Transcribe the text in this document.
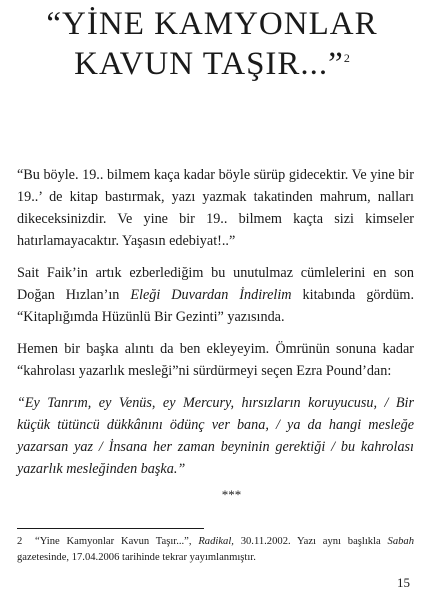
“YİNE KAMYONLAR
KAVUN TAŞIR...”$^2$

“Bu böyle. 19.. bilmem kaça kadar böyle sürüp gidecektir. Ve yine bir 19..’ de kitap bastırmak, yazı yazmak takatinden mahrum, nalları dikeceksinizdir. Ve yine bir 19.. bilmem kaçta sizi kimseler hatırlamayacaktır. Yaşasın edebiyat!..”

Sait Faik’in artık ezberlediğim bu unutulmaz cümlelerini en son Doğan Hızlan’ın Eleği Duvardan İndirelim kitabında gördüm. “Kitaplığımda Hüzünlü Bir Gezinti” yazısında.

Hemen bir başka alıntı da ben ekleyeyim. Ömrünün sonuna kadar “kahrolası yazarlık mesleği”ni sürdürmeyi seçen Ezra Pound’dan:

“Ey Tanrım, ey Venüs, ey Mercury, hırsızların koruyucusu, / Bir küçük tütüncü dükkânını ödünç ver bana, / ya da hangi mesleğe yazarsan yaz / İnsana her zaman beyninin gerektiği / bu kahrolası yazarlık mesleğinden başka.”

***

2 “Yine Kamyonlar Kavun Taşır...”, Radikal, 30.11.2002. Yazı aynı başlıkla Sabah gazetesinde, 17.04.2006 tarihinde tekrar yayımlanmıştır.
15
